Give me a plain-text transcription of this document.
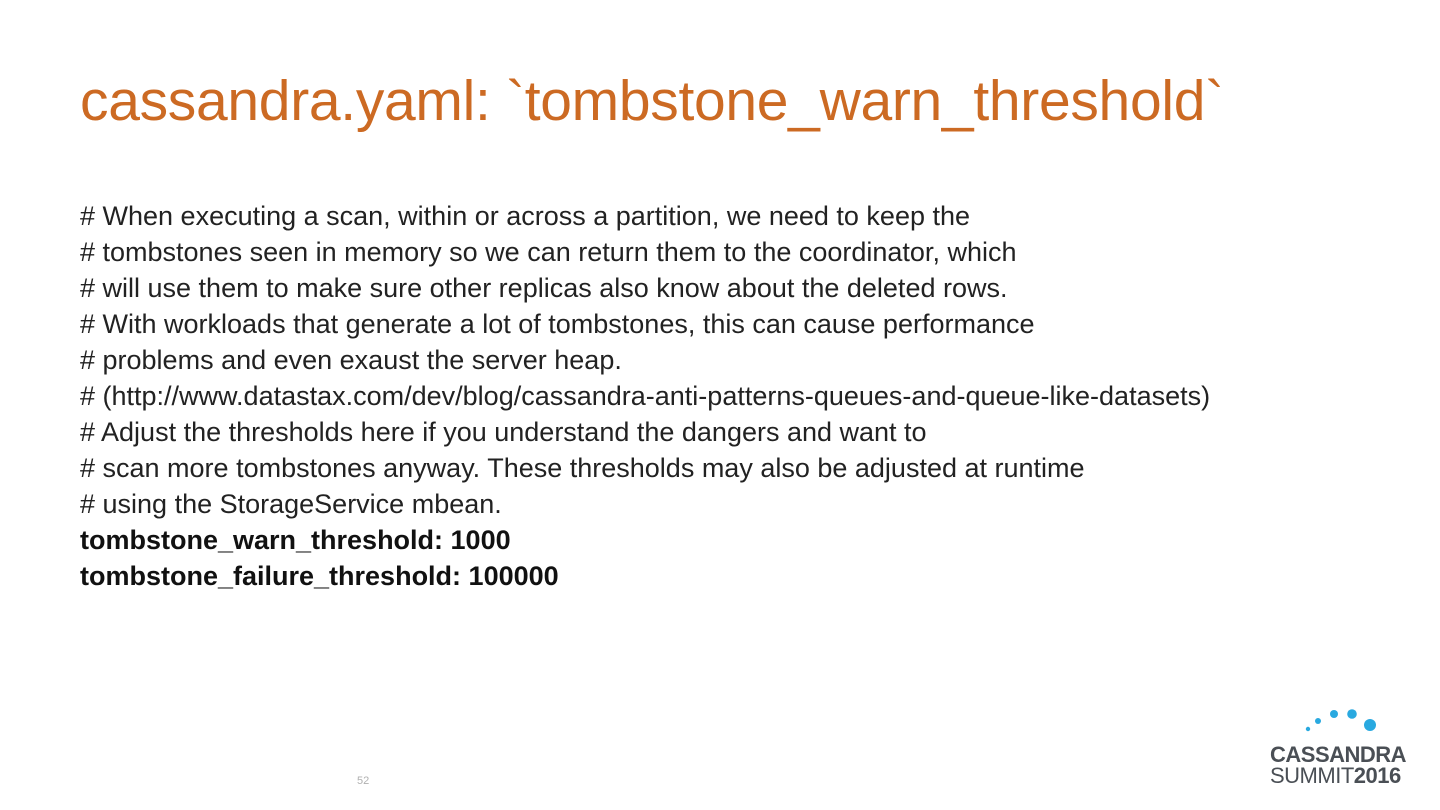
cassandra.yaml: `tombstone_warn_threshold`
# When executing a scan, within or across a partition, we need to keep the
# tombstones seen in memory so we can return them to the coordinator, which
# will use them to make sure other replicas also know about the deleted rows.
# With workloads that generate a lot of tombstones, this can cause performance
# problems and even exaust the server heap.
# (http://www.datastax.com/dev/blog/cassandra-anti-patterns-queues-and-queue-like-datasets)
# Adjust the thresholds here if you understand the dangers and want to
# scan more tombstones anyway. These thresholds may also be adjusted at runtime
# using the StorageService mbean.
tombstone_warn_threshold: 1000
tombstone_failure_threshold: 100000
52
CASSANDRA
SUMMIT2016
